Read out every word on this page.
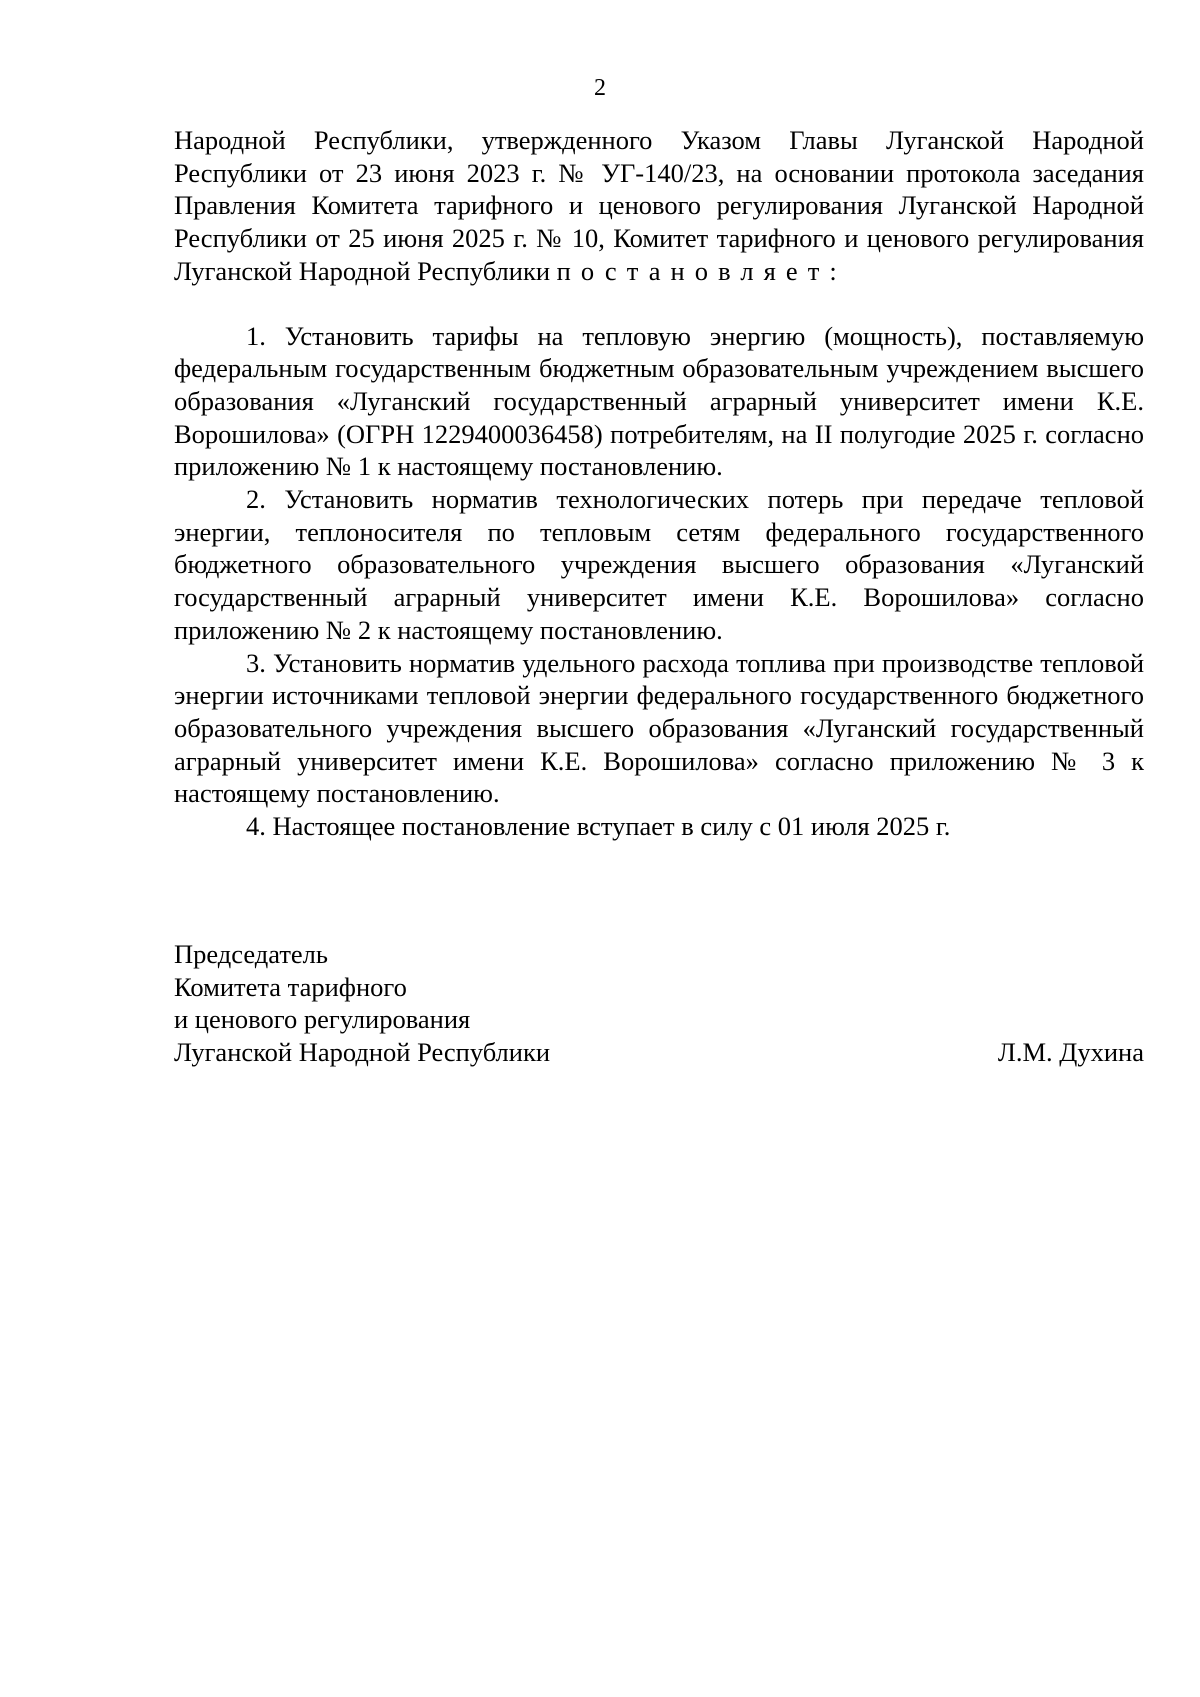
2

Народной Республики, утвержденного Указом Главы Луганской Народной Республики от 23 июня 2023 г. № УГ-140/23, на основании протокола заседания Правления Комитета тарифного и ценового регулирования Луганской Народной Республики от 25 июня 2025 г. № 10, Комитет тарифного и ценового регулирования Луганской Народной Республики постановляет:

1. Установить тарифы на тепловую энергию (мощность), поставляемую федеральным государственным бюджетным образовательным учреждением высшего образования «Луганский государственный аграрный университет имени К.Е. Ворошилова» (ОГРН 1229400036458) потребителям, на II полугодие 2025 г. согласно приложению № 1 к настоящему постановлению.

2. Установить норматив технологических потерь при передаче тепловой энергии, теплоносителя по тепловым сетям федерального государственного бюджетного образовательного учреждения высшего образования «Луганский государственный аграрный университет имени К.Е. Ворошилова» согласно приложению № 2 к настоящему постановлению.

3. Установить норматив удельного расхода топлива при производстве тепловой энергии источниками тепловой энергии федерального государственного бюджетного образовательного учреждения высшего образования «Луганский государственный аграрный университет имени К.Е. Ворошилова» согласно приложению № 3 к настоящему постановлению.

4. Настоящее постановление вступает в силу с 01 июля 2025 г.

Председатель
Комитета тарифного
и ценового регулирования
Луганской Народной Республики	Л.М. Духина
